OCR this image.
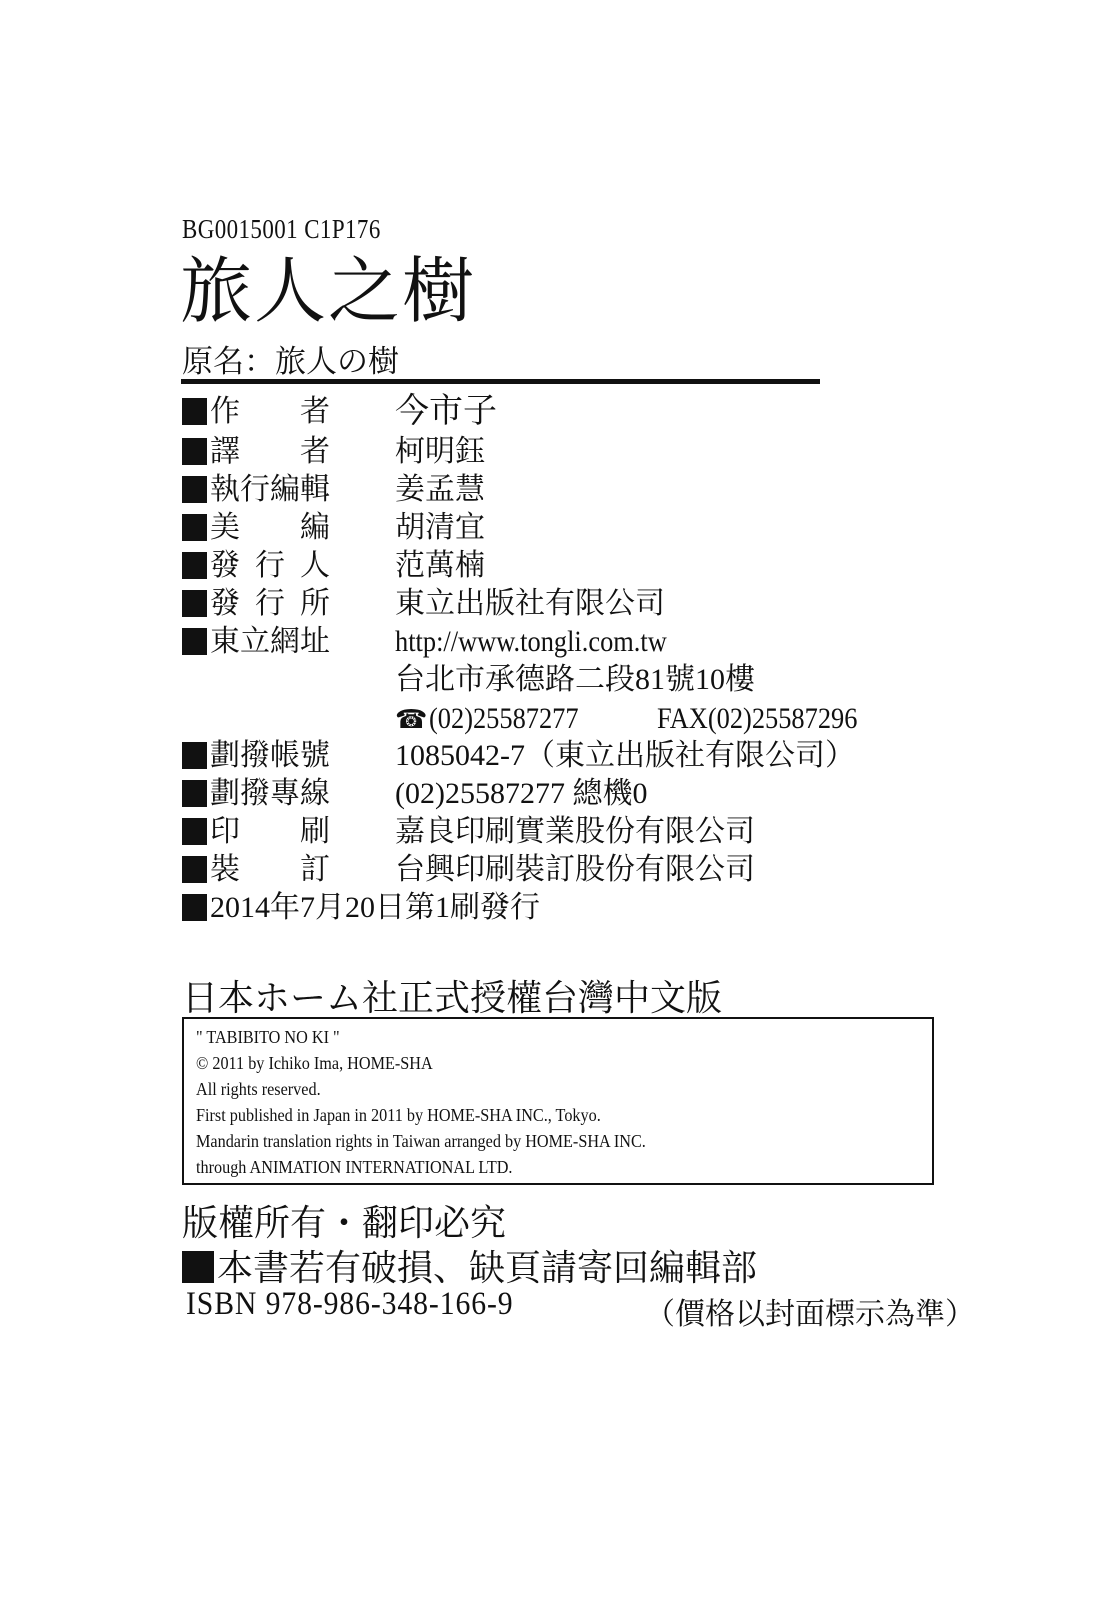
BG0015001 C1P176
旅人之樹
原名：旅人の樹
作　　者 今市子
譯　　者 柯明鈺
執行編輯 姜孟慧
美　　編 胡清宜
發 行 人 范萬楠
發 行 所 東立出版社有限公司
東立網址 http://www.tongli.com.tw
台北市承德路二段81號10樓
☎(02)25587277	FAX(02)25587296
劃撥帳號 1085042-7（東立出版社有限公司）
劃撥專線 (02)25587277 總機0
印　　刷 嘉良印刷實業股份有限公司
裝　　訂 台興印刷裝訂股份有限公司
2014年7月20日第1刷發行
日本ホーム社正式授權台灣中文版
" TABIBITO NO KI "
© 2011 by Ichiko Ima, HOME-SHA
All rights reserved.
First published in Japan in 2011 by HOME-SHA INC., Tokyo.
Mandarin translation rights in Taiwan arranged by HOME-SHA INC.
through ANIMATION INTERNATIONAL LTD.
版權所有・翻印必究
本書若有破損、缺頁請寄回編輯部
ISBN 978-986-348-166-9	（價格以封面標示為準）
